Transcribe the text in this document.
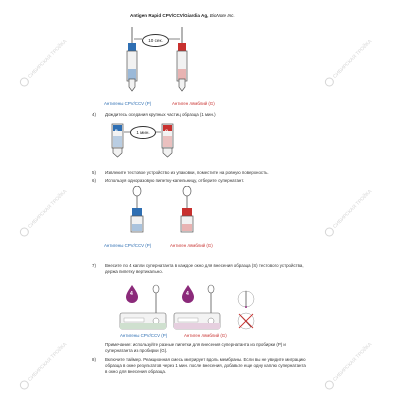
СИБИРСКАЯ ТРОЙКА	СИБИРСКАЯ ТРОЙКА
СИБИРСКАЯ ТРОЙКА	СИБИРСКАЯ ТРОЙКА
СИБИРСКАЯ ТРОЙКА	СИБИРСКАЯ ТРОЙКА
Antigen Rapid CPV/CCV/Giardia Ag, BioNote Inc.
10 сек.
Антигены CPV/CCV (P)	Антиген лямблий (G)
4) Дождитесь оседания крупных частиц образца (1 мин.)
P	G
1 мин.
5) Извлеките тестовое устройство из упаковки, поместите на ровную поверхность.
6) Используя одноразовую пипетку-капельницу, отберите супернатант.
Антигены CPV/CCV (P)	Антиген лямблий (G)
7) Внесите по 4 капли супернатанта в каждое окно для внесения образца (S) тестового устройства,
держа пипетку вертикально.
4
drops
4
drops
Антигены CPV/CCV (P)	Антиген лямблий (G)
Примечание: используйте разные пипетки для внесения супернатанта из пробирки (P) и
супернатанта из пробирки (G).
8) Включите таймер. Реакционная смесь мигрирует вдоль мембраны. Если вы не увидите миграцию
образца в окне результатов через 1 мин. после внесения, добавьте еще одну каплю супернатанта
в окно для внесения образца.
